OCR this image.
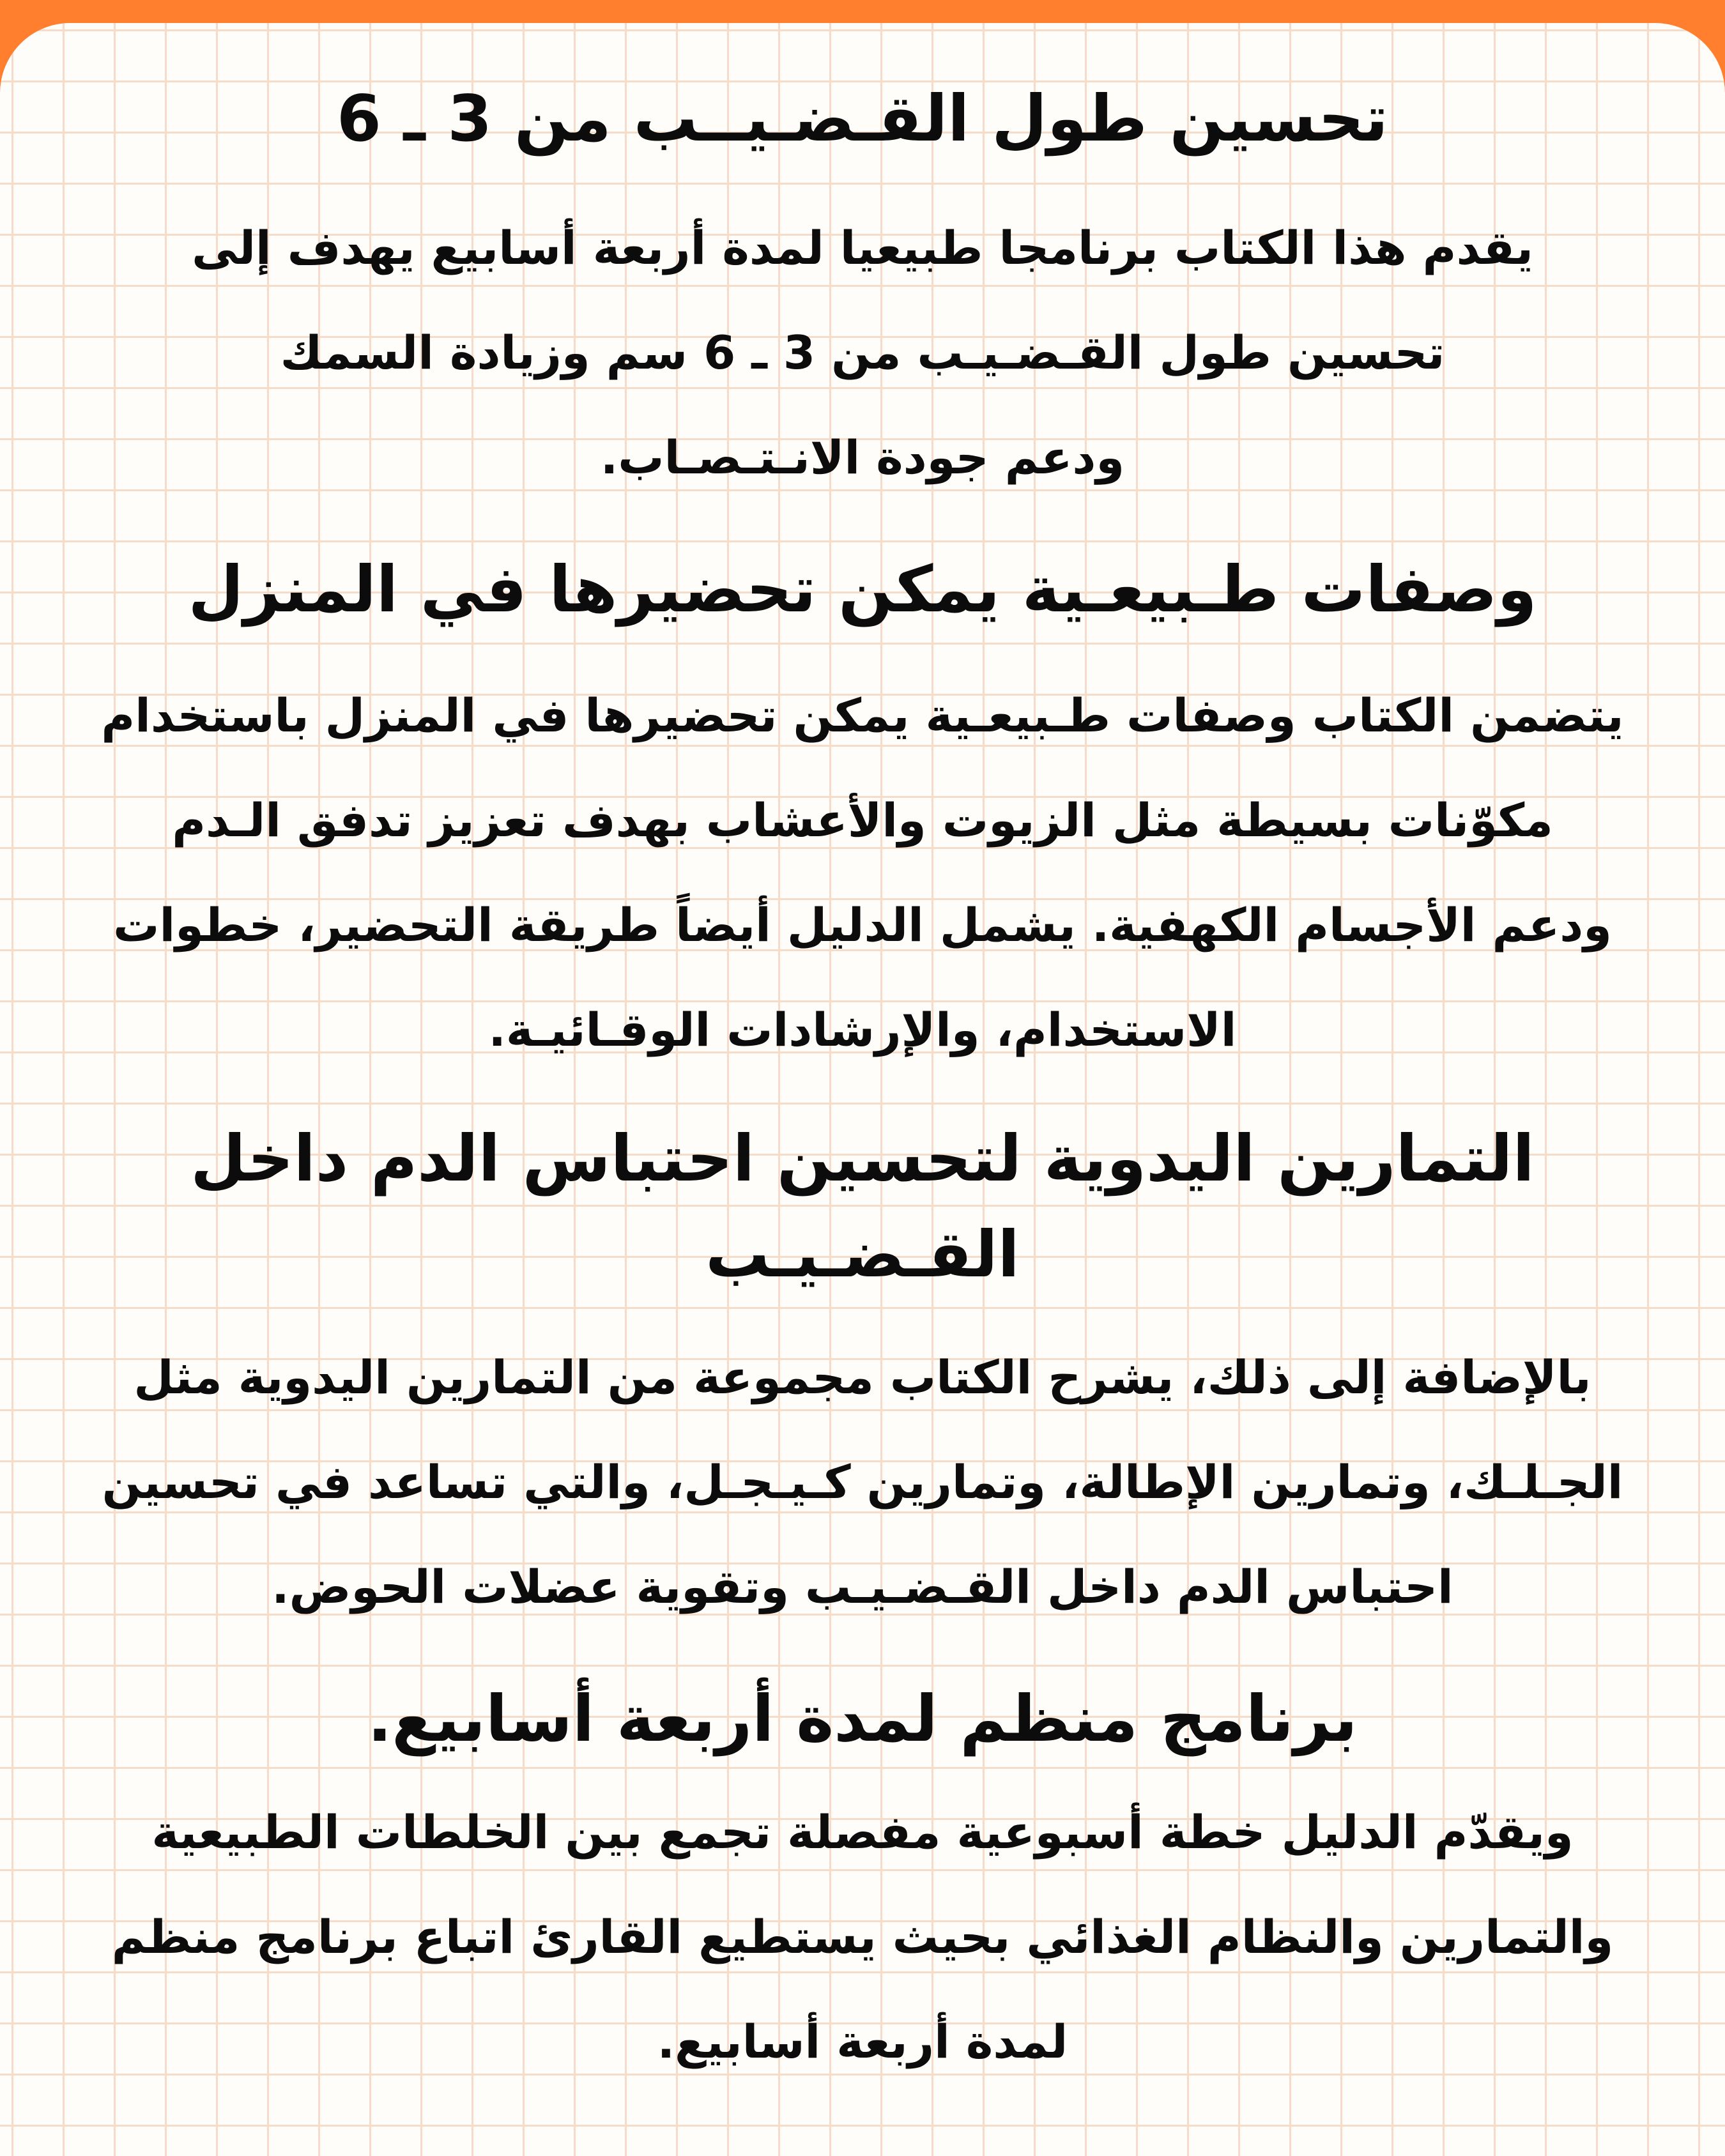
تحسين طول القـضـيــب من 3 ـ 6

يقدم هذا الكتاب برنامجا طبيعيا لمدة أربعة أسابيع يهدف إلى
تحسين طول القـضـيـب من 3 ـ 6 سم وزيادة السمك
ودعم جودة الانـتـصـاب.

وصفات طـبيعـية يمكن تحضيرها في المنزل

يتضمن الكتاب وصفات طـبيعـية يمكن تحضيرها في المنزل باستخدام
مكوّنات بسيطة مثل الزيوت والأعشاب بهدف تعزيز تدفق الـدم
ودعم الأجسام الكهفية. يشمل الدليل أيضاً طريقة التحضير، خطوات
الاستخدام، والإرشادات الوقـائيـة.

التمارين اليدوية لتحسين احتباس الدم داخل القـضـيـب

بالإضافة إلى ذلك، يشرح الكتاب مجموعة من التمارين اليدوية مثل
الجـلـك، وتمارين الإطالة، وتمارين كـيـجـل، والتي تساعد في تحسين
احتباس الدم داخل القـضـيـب وتقوية عضلات الحوض.

برنامج منظم لمدة أربعة أسابيع.

ويقدّم الدليل خطة أسبوعية مفصلة تجمع بين الخلطات الطبيعية
والتمارين والنظام الغذائي بحيث يستطيع القارئ اتباع برنامج منظم
لمدة أربعة أسابيع.
